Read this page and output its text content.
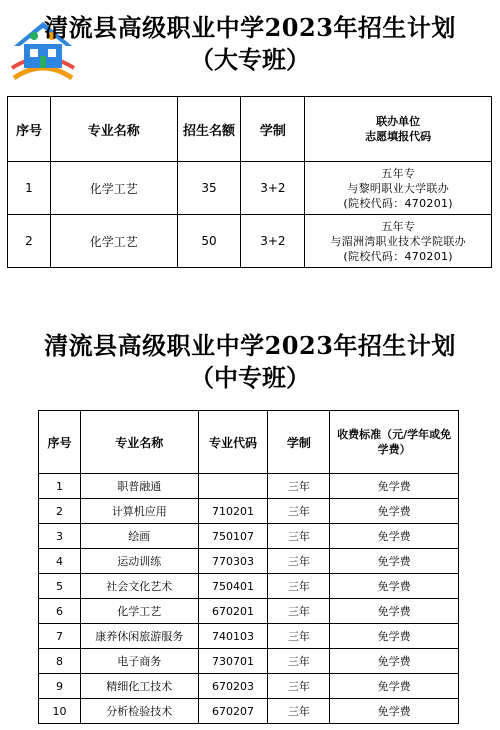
清流县高级职业中学2023年招生计划
（大专班）
序号	专业名称	招生名额	学制	联办单位
志愿填报代码

1	化学工艺	35	3+2	五年专
与黎明职业大学联办
(院校代码：470201)

2	化学工艺	50	3+2	五年专
与湄洲湾职业技术学院联办
(院校代码：470201)
清流县高级职业中学2023年招生计划
（中专班）
序号	专业名称	专业代码	学制	收费标准（元/学年或免
学费）

1	职普融通		三年	免学费
2	计算机应用	710201	三年	免学费
3	绘画	750107	三年	免学费
4	运动训练	770303	三年	免学费
5	社会文化艺术	750401	三年	免学费
6	化学工艺	670201	三年	免学费
7	康养休闲旅游服务	740103	三年	免学费
8	电子商务	730701	三年	免学费
9	精细化工技术	670203	三年	免学费
10	分析检验技术	670207	三年	免学费
